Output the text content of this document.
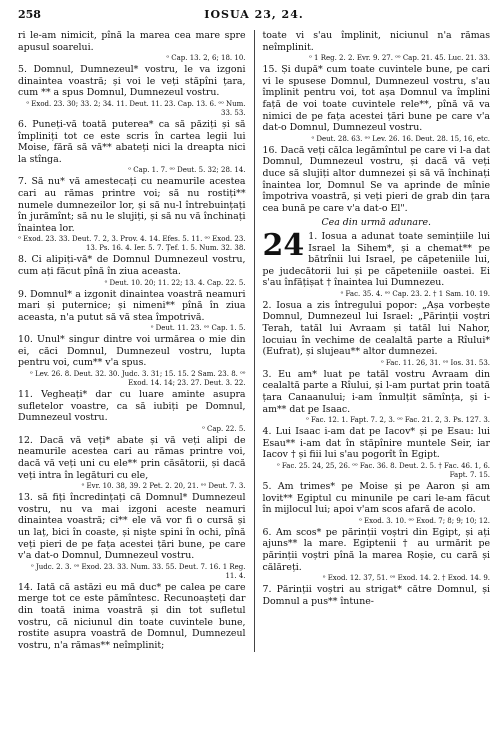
258	IOSUA 23, 24.

ri le-am nimicit, pînă la marea cea mare spre apusul soarelui.

ᵒ Cap. 13. 2, 6; 18. 10.

5. Domnul, Dumnezeul* vostru, le va izgoni dinaintea voastră; și voi le veți stăpîni țara, cum ** a spus Domnul, Dumnezeul vostru.

ᵒ Exod. 23. 30; 33. 2; 34. 11. Deut. 11. 23. Cap. 13. 6. ᵒᵒ Num. 33. 53.

6. Puneți-vă toată puterea* ca să păziți și să împliniți tot ce este scris în cartea legii lui Moise, fără să vă** abateți nici la dreapta nici la stînga.

ᵒ Cap. 1. 7. ᵒᵒ Deut. 5. 32; 28. 14.

7. Să nu* vă amestecați cu neamurile acestea cari au rămas printre voi; să nu rostiți** numele dumnezeilor lor, și să nu-l întrebuințați în jurămînt; să nu le slujiți, și să nu vă închinați înaintea lor.

ᵒ Exod. 23. 33. Deut. 7. 2, 3. Prov. 4. 14. Efes. 5. 11. ᵒᵒ Exod. 23. 13. Ps. 16. 4. Ier. 5. 7. Țef. 1. 5. Num. 32. 38.

8. Ci alipiți-vă* de Domnul Dumnezeul vostru, cum ați făcut pînă în ziua aceasta.

ᵒ Deut. 10. 20; 11. 22; 13. 4. Cap. 22. 5.

9. Domnul* a izgonit dinaintea voastră neamuri mari și puternice; și nimeni** pînă în ziua aceasta, n'a putut să vă stea împotrivă.

ᵒ Deut. 11. 23. ᵒᵒ Cap. 1. 5.

10. Unul* singur dintre voi urmărea o mie din ei, căci Domnul, Dumnezeul vostru, lupta pentru voi, cum** v'a spus.

ᵒ Lev. 26. 8. Deut. 32. 30. Judc. 3. 31; 15. 15. 2 Sam. 23. 8. ᵒᵒ Exod. 14. 14; 23. 27. Deut. 3. 22.

11. Vegheați* dar cu luare aminte asupra sufletelor voastre, ca să iubiți pe Domnul, Dumnezeul vostru.

ᵒ Cap. 22. 5.

12. Dacă vă veți* abate și vă veți alipi de neamurile acestea cari au rămas printre voi, dacă vă veți uni cu ele** prin căsătorii, și dacă veți intra în legături cu ele,

ᵒ Evr. 10. 38, 39. 2 Pet. 2. 20, 21. ᵒᵒ Deut. 7. 3.

13. să fiți încredințați că Domnul* Dumnezeul vostru, nu va mai izgoni aceste neamuri dinaintea voastră; ci** ele vă vor fi o cursă și un laț, bici în coaste, și nişte spini în ochi, pînă veți pieri de pe fața acestei țări bune, pe care v'a dat-o Domnul, Dumnezeul vostru.

ᵒ Judc. 2. 3. ᵒᵒ Exod. 23. 33. Num. 33. 55. Deut. 7. 16. 1 Reg. 11. 4.

14. Iată că astăzi eu mă duc* pe calea pe care merge tot ce este pămîntesc. Recunoașteți dar din toată inima voastră și din tot sufletul vostru, că niciunul din toate cuvintele bune, rostite asupra voastră de Domnul, Dumnezeul vostru, n'a rămas** neîmplinit;

toate vi s'au împlinit, niciunul n'a rămas neîmplinit.

ᵒ 1 Reg. 2. 2. Evr. 9. 27. ᵒᵒ Cap. 21. 45. Luc. 21. 33.

15. Și după* cum toate cuvintele bune, pe cari vi le spusese Domnul, Dumnezeul vostru, s'au împlinit pentru voi, tot așa Domnul va împlini față de voi toate cuvintele rele**, pînă vă va nimici de pe fața acestei țări bune pe care v'a dat-o Domnul, Dumnezeul vostru.

ᵒ Deut. 28. 63. ᵒᵒ Lev. 26. 16. Deut. 28. 15, 16, etc.

16. Dacă veți călca legămîntul pe care vi l-a dat Domnul, Dumnezeul vostru, și dacă vă veți duce să slujiți altor dumnezei și să vă închinați înaintea lor, Domnul Se va aprinde de mînie împotriva voastră, și veți pieri de grab din țara cea bună pe care v'a dat-o El".

Cea din urmă adunare.

24 1. Iosua a adunat toate semințiile lui Israel la Sihem*, și a chemat** pe bătrînii lui Israel, pe căpeteniile lui, pe judecătorii lui și pe căpeteniile oastei. Ei s'au înfățișat † înaintea lui Dumnezeu.

ᵒ Fac. 35. 4. ᵒᵒ Cap. 23. 2. † 1 Sam. 10. 19.

2. Iosua a zis întregului popor: „Așa vorbește Domnul, Dumnezeul lui Israel: „Părinții voștri Terah, tatăl lui Avraam și tatăl lui Nahor, locuiau în vechime de cealaltă parte a Rîului* (Eufrat), și slujeau** altor dumnezei.

ᵒ Fac. 11. 26, 31. ᵒᵒ Ios. 31. 53.

3. Eu am* luat pe tatăl vostru Avraam din cealaltă parte a Rîului, și l-am purtat prin toată țara Canaanului; i-am înmulțit sămînța, și i-am** dat pe Isaac.

ᵒ Fac. 12. 1. Fapt. 7. 2, 3. ᵒᵒ Fac. 21. 2, 3. Ps. 127. 3.

4. Lui Isaac i-am dat pe Iacov* și pe Esau: lui Esau** i-am dat în stăpînire muntele Seir, iar Iacov † și fiii lui s'au pogorît în Egipt.

ᵒ Fac. 25. 24, 25, 26. ᵒᵒ Fac. 36. 8. Deut. 2. 5. † Fac. 46. 1, 6. Fapt. 7. 15.

5. Am trimes* pe Moise și pe Aaron și am lovit** Egiptul cu minunile pe cari le-am făcut în mijlocul lui; apoi v'am scos afară de acolo.

ᵒ Exod. 3. 10. ᵒᵒ Exod. 7; 8; 9; 10; 12.

6. Am scos* pe părinții voștri din Egipt, și ați ajuns** la mare. Egiptenii † au urmărit pe părinții voștri pînă la marea Roșie, cu cară și călăreți.

ᵒ Exod. 12. 37, 51. ᵒᵒ Exod. 14. 2. † Exod. 14. 9.

7. Părinții voștri au strigat* către Domnul, și Domnul a pus** întune-
